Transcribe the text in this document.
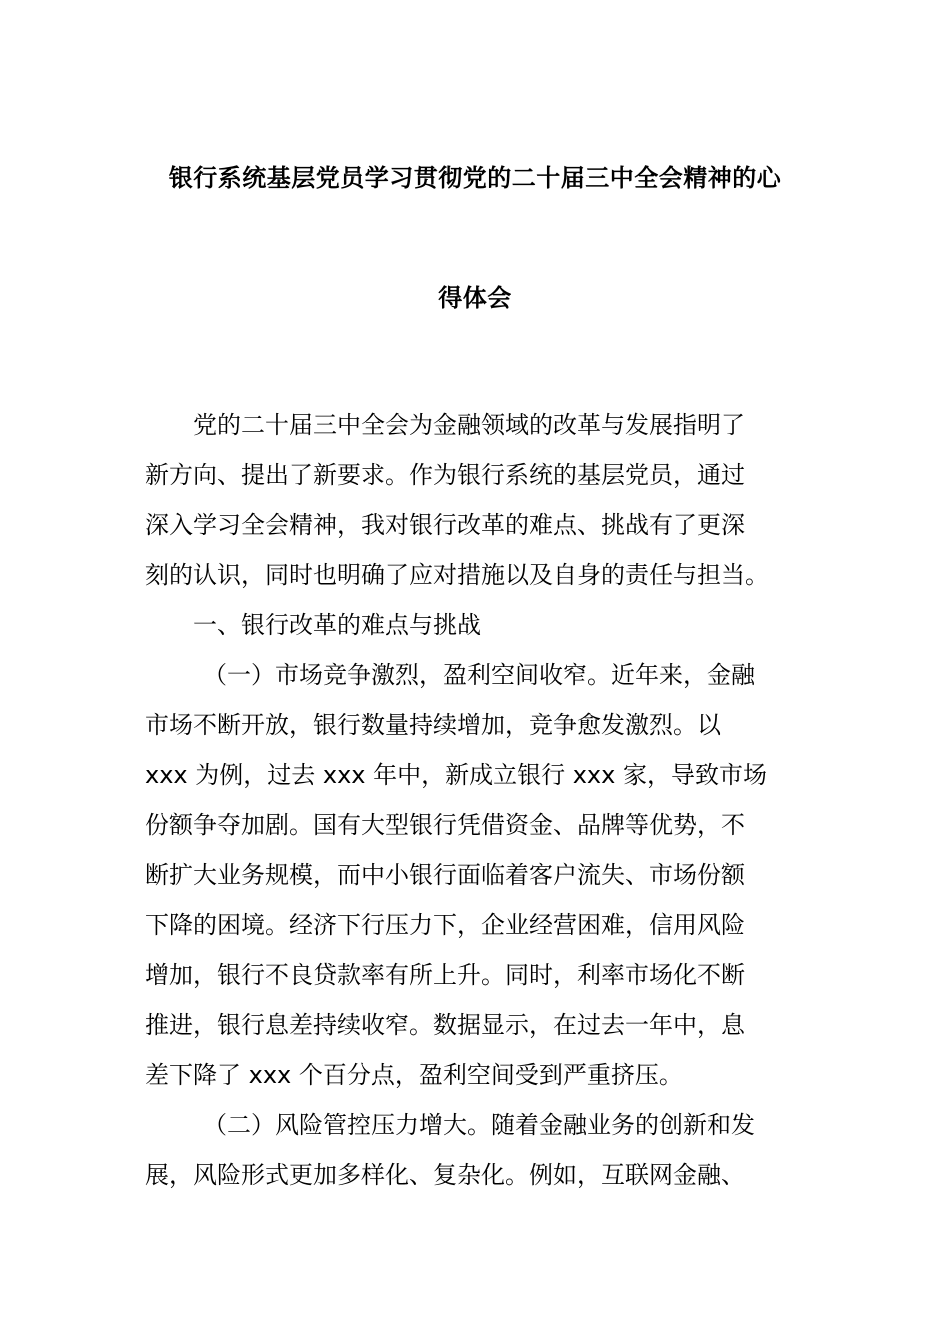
银行系统基层党员学习贯彻党的二十届三中全会精神的心
得体会
党的二十届三中全会为金融领域的改革与发展指明了
新方向、提出了新要求。作为银行系统的基层党员，通过
深入学习全会精神，我对银行改革的难点、挑战有了更深
刻的认识，同时也明确了应对措施以及自身的责任与担当。
一、银行改革的难点与挑战
（一）市场竞争激烈，盈利空间收窄。近年来，金融
市场不断开放，银行数量持续增加，竞争愈发激烈。以
xxx 为例，过去 xxx 年中，新成立银行 xxx 家，导致市场
份额争夺加剧。国有大型银行凭借资金、品牌等优势，不
断扩大业务规模，而中小银行面临着客户流失、市场份额
下降的困境。经济下行压力下，企业经营困难，信用风险
增加，银行不良贷款率有所上升。同时，利率市场化不断
推进，银行息差持续收窄。数据显示，在过去一年中，息
差下降了 xxx 个百分点，盈利空间受到严重挤压。
（二）风险管控压力增大。随着金融业务的创新和发
展，风险形式更加多样化、复杂化。例如，互联网金融、
